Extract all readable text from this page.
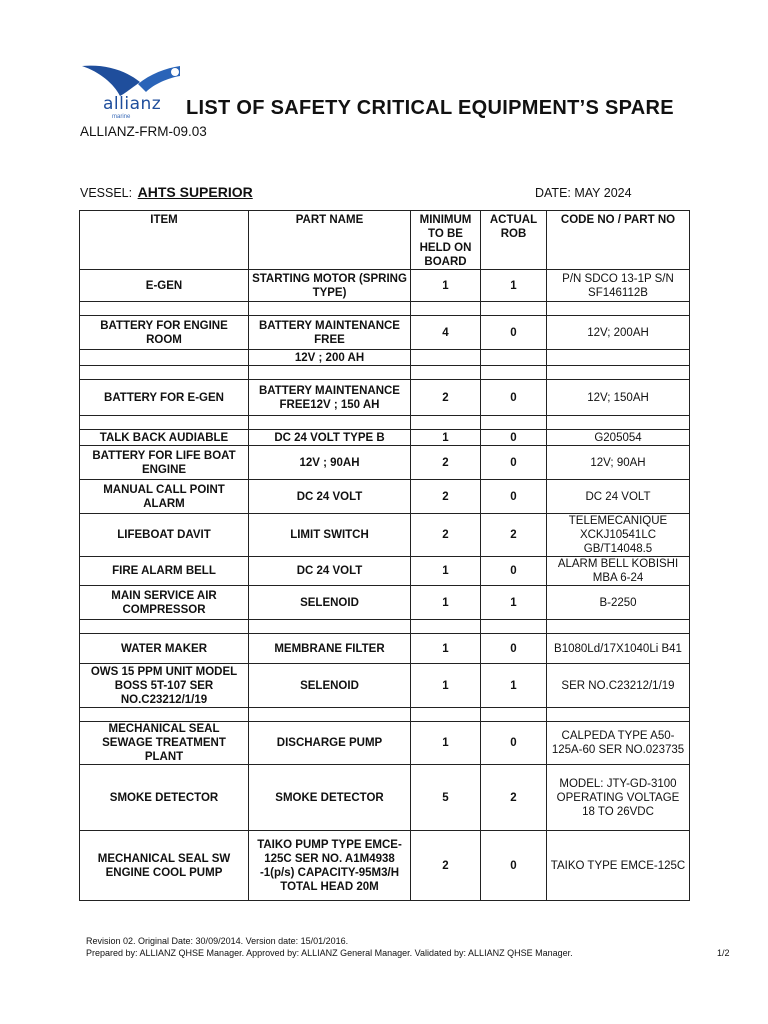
allianz
marine	LIST OF SAFETY CRITICAL EQUIPMENT’S SPARE
ALLIANZ-FRM-09.03
VESSEL: AHTS SUPERIOR	DATE: MAY 2024
ITEM	PART NAME	MINIMUM TO BE HELD ON BOARD	ACTUAL ROB	CODE NO / PART NO
E-GEN	STARTING MOTOR (SPRING TYPE)	1	1	P/N SDCO 13-1P S/N SF146112B

BATTERY FOR ENGINE ROOM	BATTERY MAINTENANCE FREE	4	0	12V; 200AH
	12V ; 200 AH			

BATTERY FOR E-GEN	BATTERY MAINTENANCE FREE12V ; 150 AH	2	0	12V; 150AH

TALK BACK AUDIABLE	DC 24 VOLT TYPE B	1	0	G205054
BATTERY FOR LIFE BOAT ENGINE	12V ; 90AH	2	0	12V; 90AH
MANUAL CALL POINT ALARM	DC 24 VOLT	2	0	DC 24 VOLT
LIFEBOAT DAVIT	LIMIT SWITCH	2	2	TELEMECANIQUE XCKJ10541LC GB/T14048.5
FIRE ALARM BELL	DC 24 VOLT	1	0	ALARM BELL KOBISHI MBA 6-24
MAIN SERVICE AIR COMPRESSOR	SELENOID	1	1	B-2250

WATER MAKER	MEMBRANE FILTER	1	0	B1080Ld/17X1040Li B41
OWS 15 PPM UNIT MODEL BOSS 5T-107 SER NO.C23212/1/19	SELENOID	1	1	SER NO.C23212/1/19

MECHANICAL SEAL SEWAGE TREATMENT PLANT	DISCHARGE PUMP	1	0	CALPEDA TYPE A50-125A-60 SER NO.023735
SMOKE DETECTOR	SMOKE DETECTOR	5	2	MODEL: JTY-GD-3100 OPERATING VOLTAGE 18 TO 26VDC
MECHANICAL SEAL SW ENGINE COOL PUMP	TAIKO PUMP TYPE EMCE-125C SER NO. A1M4938 -1(p/s) CAPACITY-95M3/H TOTAL HEAD 20M	2	0	TAIKO TYPE EMCE-125C
Revision 02. Original Date: 30/09/2014. Version date: 15/01/2016.
Prepared by: ALLIANZ QHSE Manager. Approved by: ALLIANZ General Manager. Validated by: ALLIANZ QHSE Manager.	1/2
